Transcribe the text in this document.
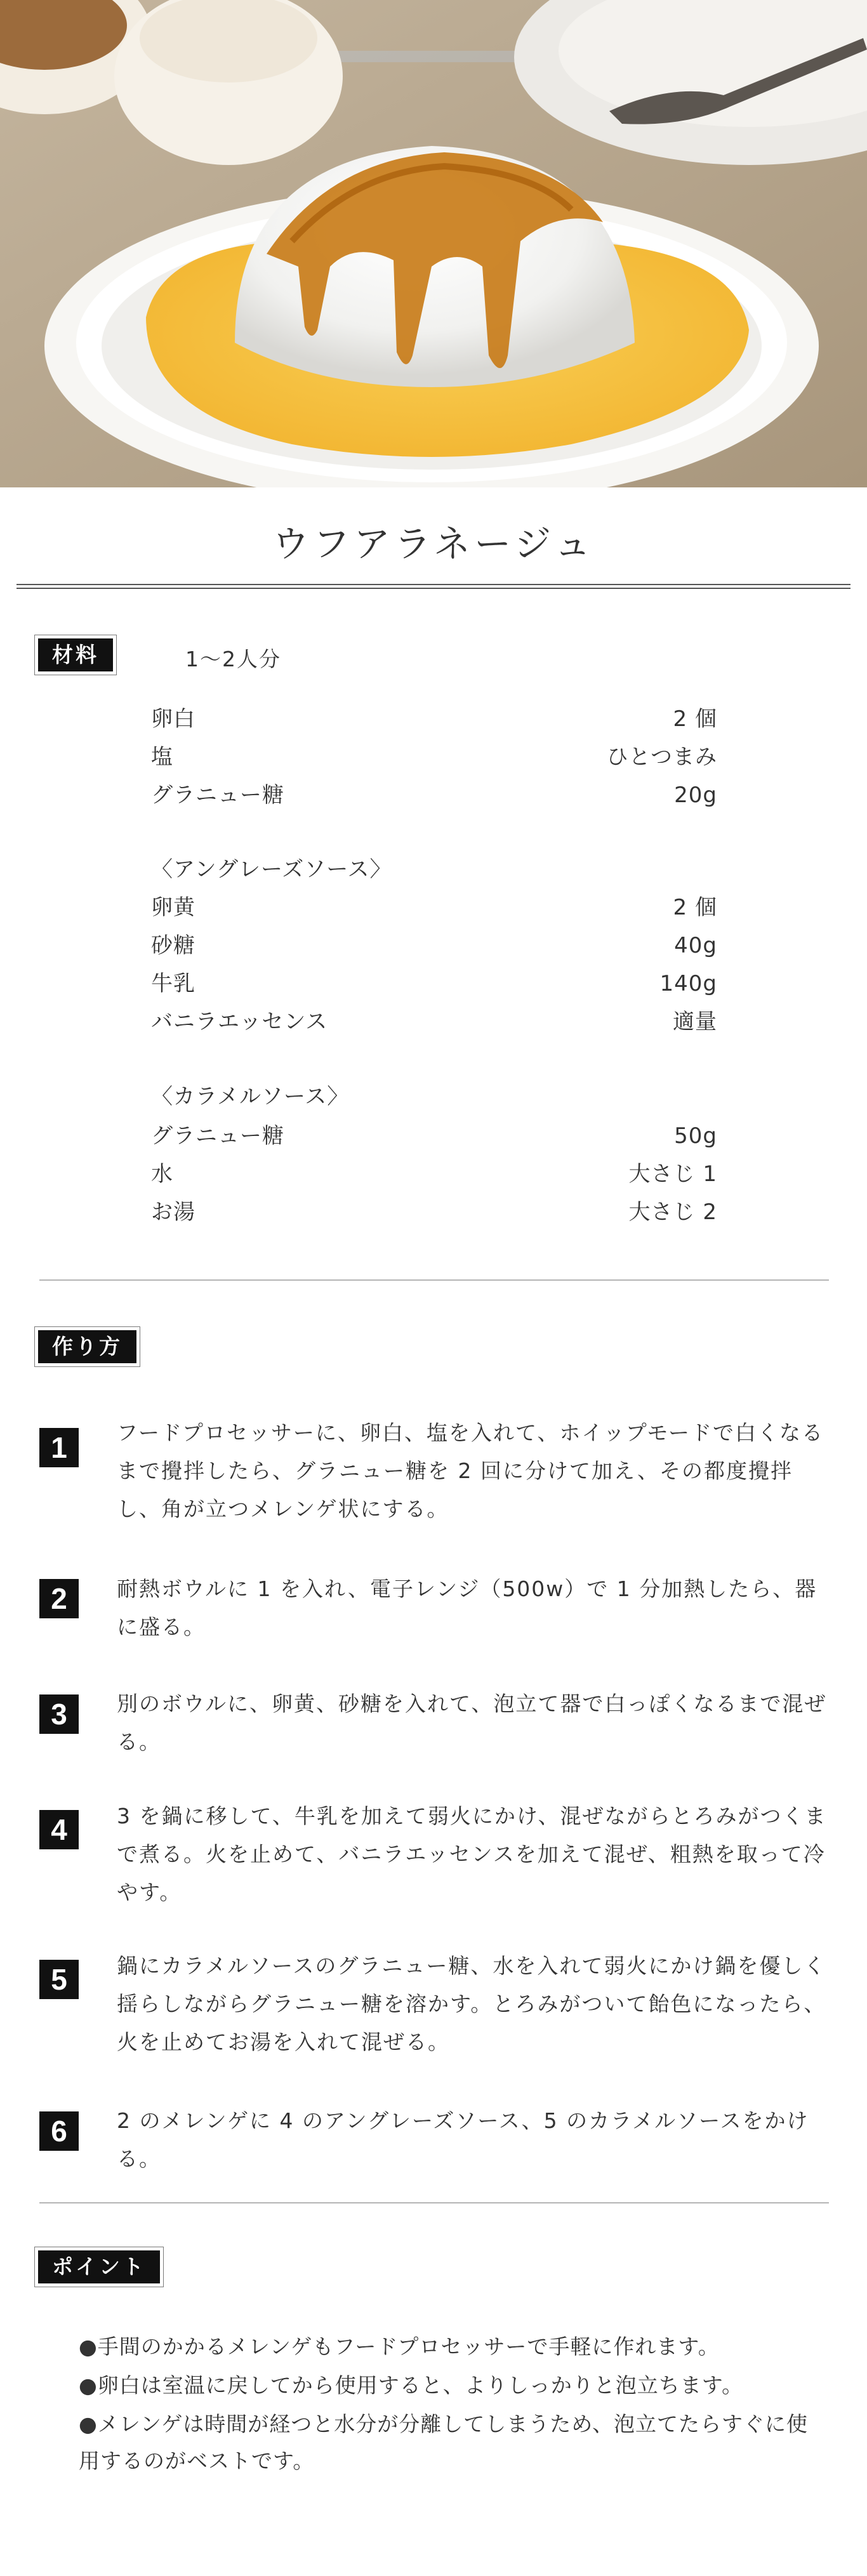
ウフアラネージュ
材料	1～2人分
卵白	2 個
塩	ひとつまみ
グラニュー糖	20g
〈アングレーズソース〉
卵黄	2 個
砂糖	40g
牛乳	140g
バニラエッセンス	適量
〈カラメルソース〉
グラニュー糖	50g
水	大さじ 1
お湯	大さじ 2
作り方
1	フードプロセッサーに、卵白、塩を入れて、ホイップモードで白くなるまで攪拌したら、グラニュー糖を 2 回に分けて加え、その都度攪拌し、角が立つメレンゲ状にする。

2	耐熱ボウルに 1 を入れ、電子レンジ（500w）で 1 分加熱したら、器に盛る。

3	別のボウルに、卵黄、砂糖を入れて、泡立て器で白っぽくなるまで混ぜる。

4	3 を鍋に移して、牛乳を加えて弱火にかけ、混ぜながらとろみがつくまで煮る。火を止めて、バニラエッセンスを加えて混ぜ、粗熱を取って冷やす。

5	鍋にカラメルソースのグラニュー糖、水を入れて弱火にかけ鍋を優しく揺らしながらグラニュー糖を溶かす。とろみがついて飴色になったら、火を止めてお湯を入れて混ぜる。

6	2 のメレンゲに 4 のアングレーズソース、5 のカラメルソースをかける。

ポイント

●手間のかかるメレンゲもフードプロセッサーで手軽に作れます。

●卵白は室温に戻してから使用すると、よりしっかりと泡立ちます。

●メレンゲは時間が経つと水分が分離してしまうため、泡立てたらすぐに使用するのがベストです。
